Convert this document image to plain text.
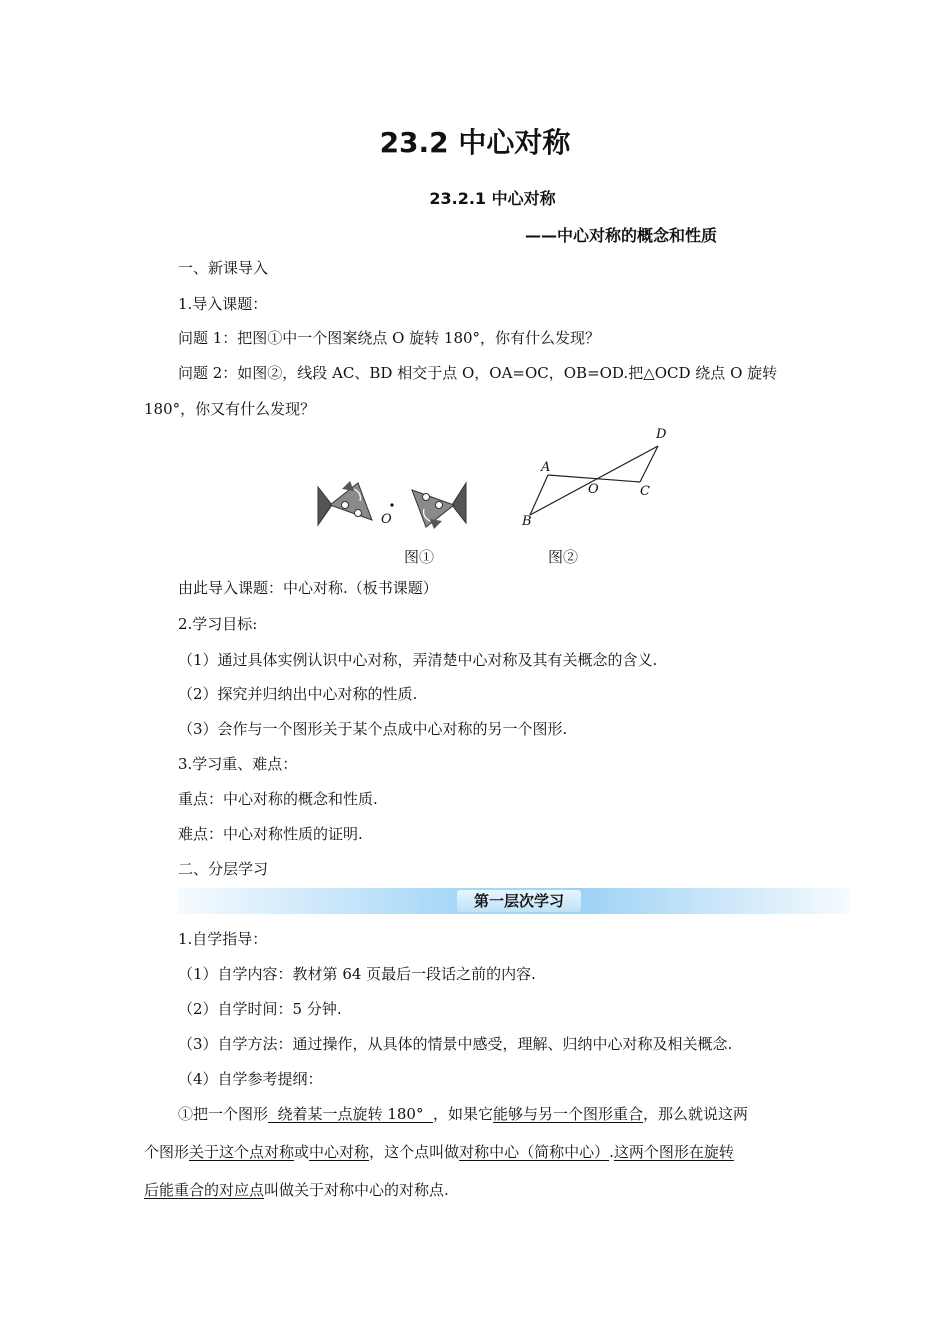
23.2 中心对称
23.2.1 中心对称
——中心对称的概念和性质
一、新课导入
1.导入课题：
问题 1：把图①中一个图案绕点 O 旋转 180°，你有什么发现？
问题 2：如图②，线段 AC、BD 相交于点 O，OA=OC，OB=OD.把△OCD 绕点 O 旋转
180°，你又有什么发现？
O
A
B
C
D
O
图①	图②
由此导入课题：中心对称.（板书课题）
2.学习目标:
（1）通过具体实例认识中心对称，弄清楚中心对称及其有关概念的含义.
（2）探究并归纳出中心对称的性质.
（3）会作与一个图形关于某个点成中心对称的另一个图形.
3.学习重、难点：
重点：中心对称的概念和性质.
难点：中心对称性质的证明.
二、分层学习
第一层次学习
1.自学指导：
（1）自学内容：教材第 64 页最后一段话之前的内容.
（2）自学时间：5 分钟.
（3）自学方法：通过操作，从具体的情景中感受，理解、归纳中心对称及相关概念.
（4）自学参考提纲：
①把一个图形  绕着某一点旋转 180°  ，如果它能够与另一个图形重合，那么就说这两
个图形关于这个点对称或中心对称，这个点叫做对称中心（简称中心）.这两个图形在旋转
后能重合的对应点叫做关于对称中心的对称点.
